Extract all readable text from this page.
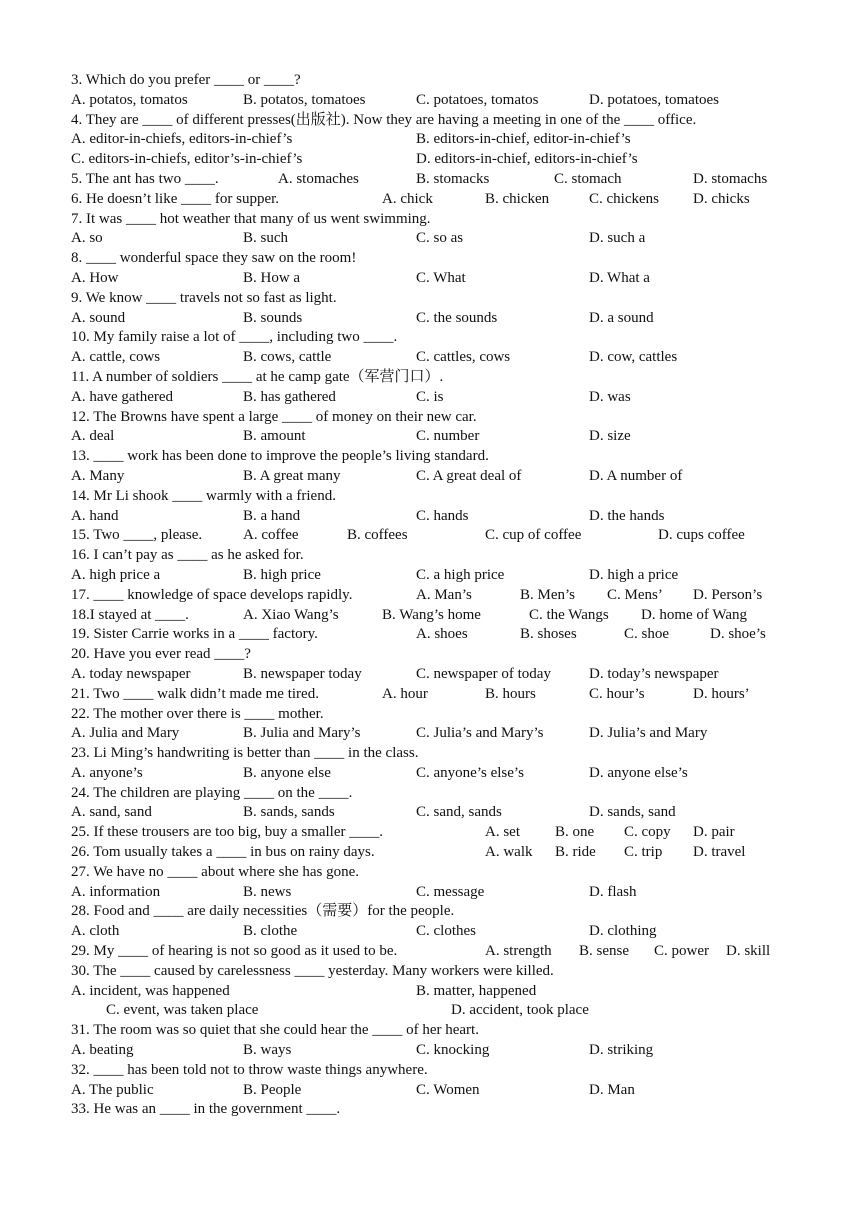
3. Which do you prefer ____ or ____?
A. potatos, tomatos	B. potatos, tomatoes	C. potatoes, tomatos	D. potatoes, tomatoes
4. They are ____ of different presses(出版社). Now they are having a meeting in one of the ____ office.
A. editor-in-chiefs, editors-in-chief’s	B. editors-in-chief, editor-in-chief’s
C. editors-in-chiefs, editor’s-in-chief’s	D. editors-in-chief, editors-in-chief’s
5. The ant has two ____.	A. stomaches	B. stomacks	C. stomach	D. stomachs
6. He doesn’t like ____ for supper.	A. chick	B. chicken	C. chickens D. chicks
7. It was ____ hot weather that many of us went swimming.
A. so	B. such	C. so as	D. such a
8. ____ wonderful space they saw on the room!
A. How	B. How a	C. What	D. What a
9. We know ____ travels not so fast as light.
A. sound	B. sounds	C. the sounds	D. a sound
10. My family raise a lot of ____, including two ____.
A. cattle, cows	B. cows, cattle	C. cattles, cows	D. cow, cattles
11. A number of soldiers ____ at he camp gate（军营门口）.
A. have gathered	B. has gathered	C. is	D. was
12. The Browns have spent a large ____ of money on their new car.
A. deal	B. amount	C. number	D. size
13. ____ work has been done to improve the people’s living standard.
A. Many	B. A great many	C. A great deal of	D. A number of
14. Mr Li shook ____ warmly with a friend.
A. hand	B. a hand	C. hands	D. the hands
15. Two ____, please.	A. coffee	B. coffees	C. cup of coffee	D. cups coffee
16. I can’t pay as ____ as he asked for.
A. high price a	B. high price	C. a high price	D. high a price
17. ____ knowledge of space develops rapidly.	A. Man’s	B. Men’s C. Mens’ D. Person’s
18.I stayed at ____.	A. Xiao Wang’s	B. Wang’s home	C. the Wangs D. home of Wang
19. Sister Carrie works in a ____ factory.	A. shoes	B. shoses	C. shoe	D. shoe’s
20. Have you ever read ____?
A. today newspaper	B. newspaper today	C. newspaper of today	D. today’s newspaper
21. Two ____ walk didn’t made me tired.	A. hour	B. hours	C. hour’s	D. hours’
22. The mother over there is ____ mother.
A. Julia and Mary	B. Julia and Mary’s	C. Julia’s and Mary’s	D. Julia’s and Mary
23. Li Ming’s handwriting is better than ____ in the class.
A. anyone’s	B. anyone else	C. anyone’s else’s	D. anyone else’s
24. The children are playing ____ on the ____.
A. sand, sand	B. sands, sands	C. sand, sands	D. sands, sand
25. If these trousers are too big, buy a smaller ____.	A. set B. one C. copy D. pair
26. Tom usually takes a ____ in bus on rainy days.	A. walk B. ride C. trip D. travel
27. We have no ____ about where she has gone.
A. information	B. news	C. message	D. flash
28. Food and ____ are daily necessities（需要）for the people.
A. cloth	B. clothe	C. clothes	D. clothing
29. My ____ of hearing is not so good as it used to be.	A. strength B. sense C. power D. skill
30. The ____ caused by carelessness ____ yesterday. Many workers were killed.
A. incident, was happened	B. matter, happened
C. event, was taken place	D. accident, took place
31. The room was so quiet that she could hear the ____ of her heart.
A. beating	B. ways	C. knocking	D. striking
32. ____ has been told not to throw waste things anywhere.
A. The public	B. People	C. Women	D. Man
33. He was an ____ in the government ____.
